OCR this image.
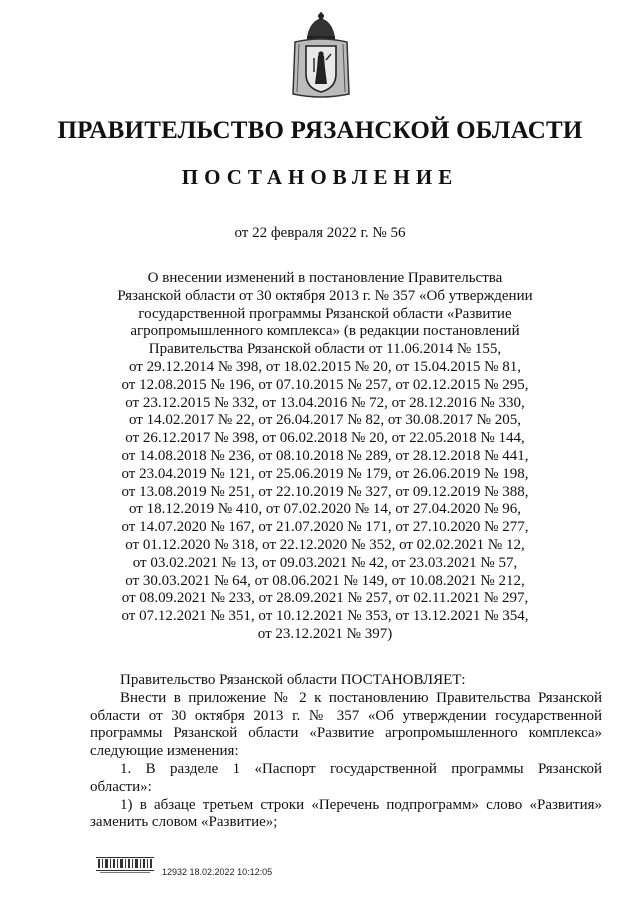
ПРАВИТЕЛЬСТВО РЯЗАНСКОЙ ОБЛАСТИ
ПОСТАНОВЛЕНИЕ
от 22 февраля 2022 г. № 56
О внесении изменений в постановление Правительства
Рязанской области от 30 октября 2013 г. № 357 «Об утверждении
государственной программы Рязанской области «Развитие
агропромышленного комплекса» (в редакции постановлений
Правительства Рязанской области от 11.06.2014 № 155,
от 29.12.2014 № 398, от 18.02.2015 № 20, от 15.04.2015 № 81,
от 12.08.2015 № 196, от 07.10.2015 № 257, от 02.12.2015 № 295,
от 23.12.2015 № 332, от 13.04.2016 № 72, от 28.12.2016 № 330,
от 14.02.2017 № 22, от 26.04.2017 № 82, от 30.08.2017 № 205,
от 26.12.2017 № 398, от 06.02.2018 № 20, от 22.05.2018 № 144,
от 14.08.2018 № 236, от 08.10.2018 № 289, от 28.12.2018 № 441,
от 23.04.2019 № 121, от 25.06.2019 № 179, от 26.06.2019 № 198,
от 13.08.2019 № 251, от 22.10.2019 № 327, от 09.12.2019 № 388,
от 18.12.2019 № 410, от 07.02.2020 № 14, от 27.04.2020 № 96,
от 14.07.2020 № 167, от 21.07.2020 № 171, от 27.10.2020 № 277,
от 01.12.2020 № 318, от 22.12.2020 № 352, от 02.02.2021 № 12,
от 03.02.2021 № 13, от 09.03.2021 № 42, от 23.03.2021 № 57,
от 30.03.2021 № 64, от 08.06.2021 № 149, от 10.08.2021 № 212,
от 08.09.2021 № 233, от 28.09.2021 № 257, от 02.11.2021 № 297,
от 07.12.2021 № 351, от 10.12.2021 № 353, от 13.12.2021 № 354,
от 23.12.2021 № 397)
Правительство Рязанской области ПОСТАНОВЛЯЕТ:
Внести в приложение № 2 к постановлению Правительства Рязанской
области от 30 октября 2013 г. № 357 «Об утверждении государственной
программы Рязанской области «Развитие агропромышленного комплекса»
следующие изменения:
1. В разделе 1 «Паспорт государственной программы Рязанской
области»:
1) в абзаце третьем строки «Перечень подпрограмм» слово «Развития»
заменить словом «Развитие»;
12932 18.02.2022 10:12:05
